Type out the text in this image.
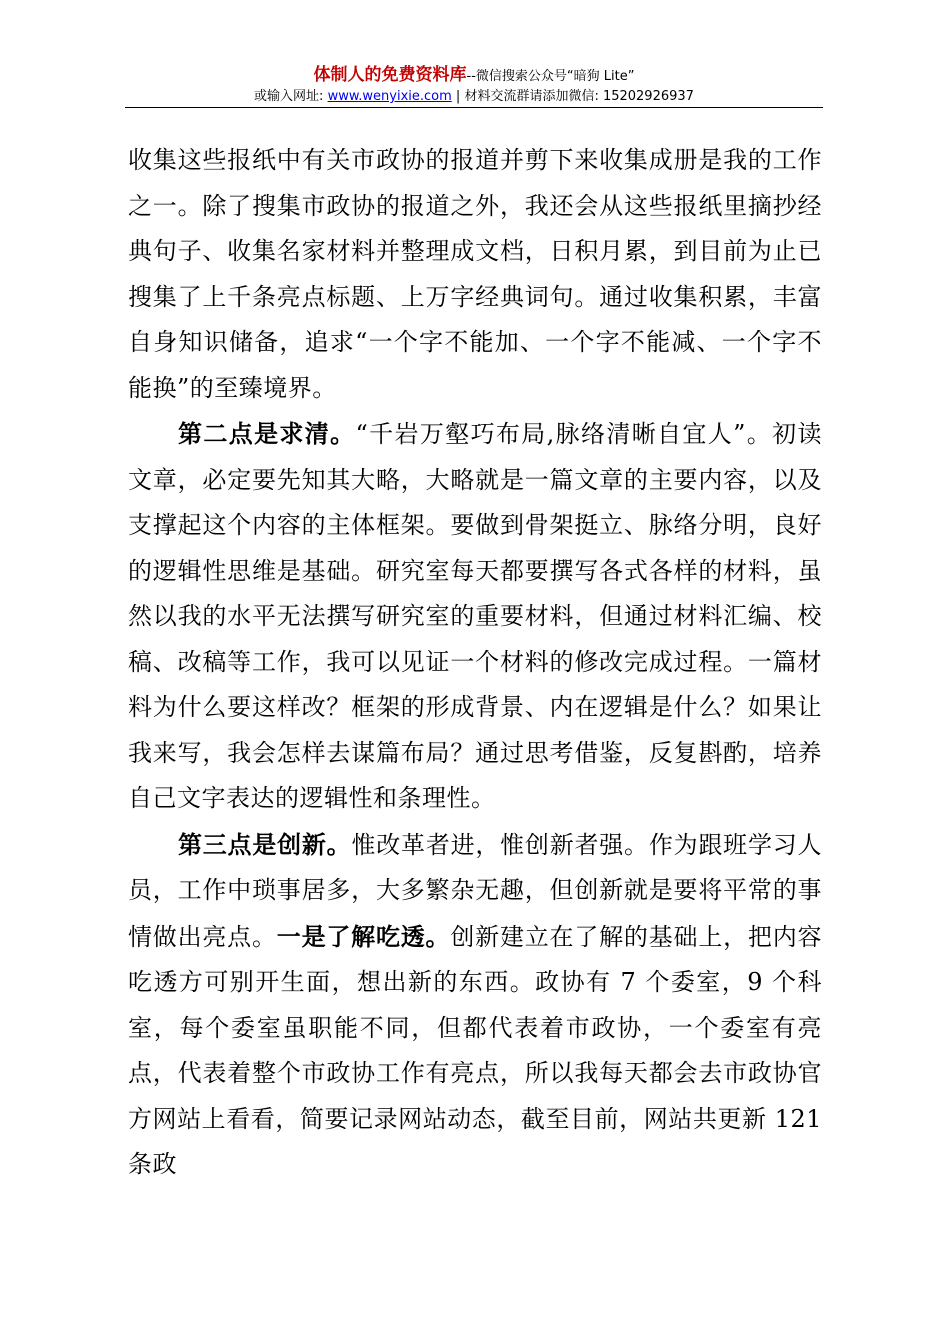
体制人的免费资料库--微信搜索公众号“暗狗 Lite”
或输入网址: www.wenyixie.com | 材料交流群请添加微信: 15202926937

收集这些报纸中有关市政协的报道并剪下来收集成册是我的工作之一。除了搜集市政协的报道之外，我还会从这些报纸里摘抄经典句子、收集名家材料并整理成文档，日积月累，到目前为止已搜集了上千条亮点标题、上万字经典词句。通过收集积累，丰富自身知识储备，追求“一个字不能加、一个字不能减、一个字不能换”的至臻境界。

第二点是求清。“千岩万壑巧布局,脉络清晰自宜人”。初读文章，必定要先知其大略，大略就是一篇文章的主要内容，以及支撑起这个内容的主体框架。要做到骨架挺立、脉络分明，良好的逻辑性思维是基础。研究室每天都要撰写各式各样的材料，虽然以我的水平无法撰写研究室的重要材料，但通过材料汇编、校稿、改稿等工作，我可以见证一个材料的修改完成过程。一篇材料为什么要这样改？框架的形成背景、内在逻辑是什么？如果让我来写，我会怎样去谋篇布局？通过思考借鉴，反复斟酌，培养自己文字表达的逻辑性和条理性。

第三点是创新。惟改革者进，惟创新者强。作为跟班学习人员，工作中琐事居多，大多繁杂无趣，但创新就是要将平常的事情做出亮点。一是了解吃透。创新建立在了解的基础上，把内容吃透方可别开生面，想出新的东西。政协有 7 个委室，9 个科室，每个委室虽职能不同，但都代表着市政协，一个委室有亮点，代表着整个市政协工作有亮点，所以我每天都会去市政协官方网站上看看，简要记录网站动态，截至目前，网站共更新 121 条政
